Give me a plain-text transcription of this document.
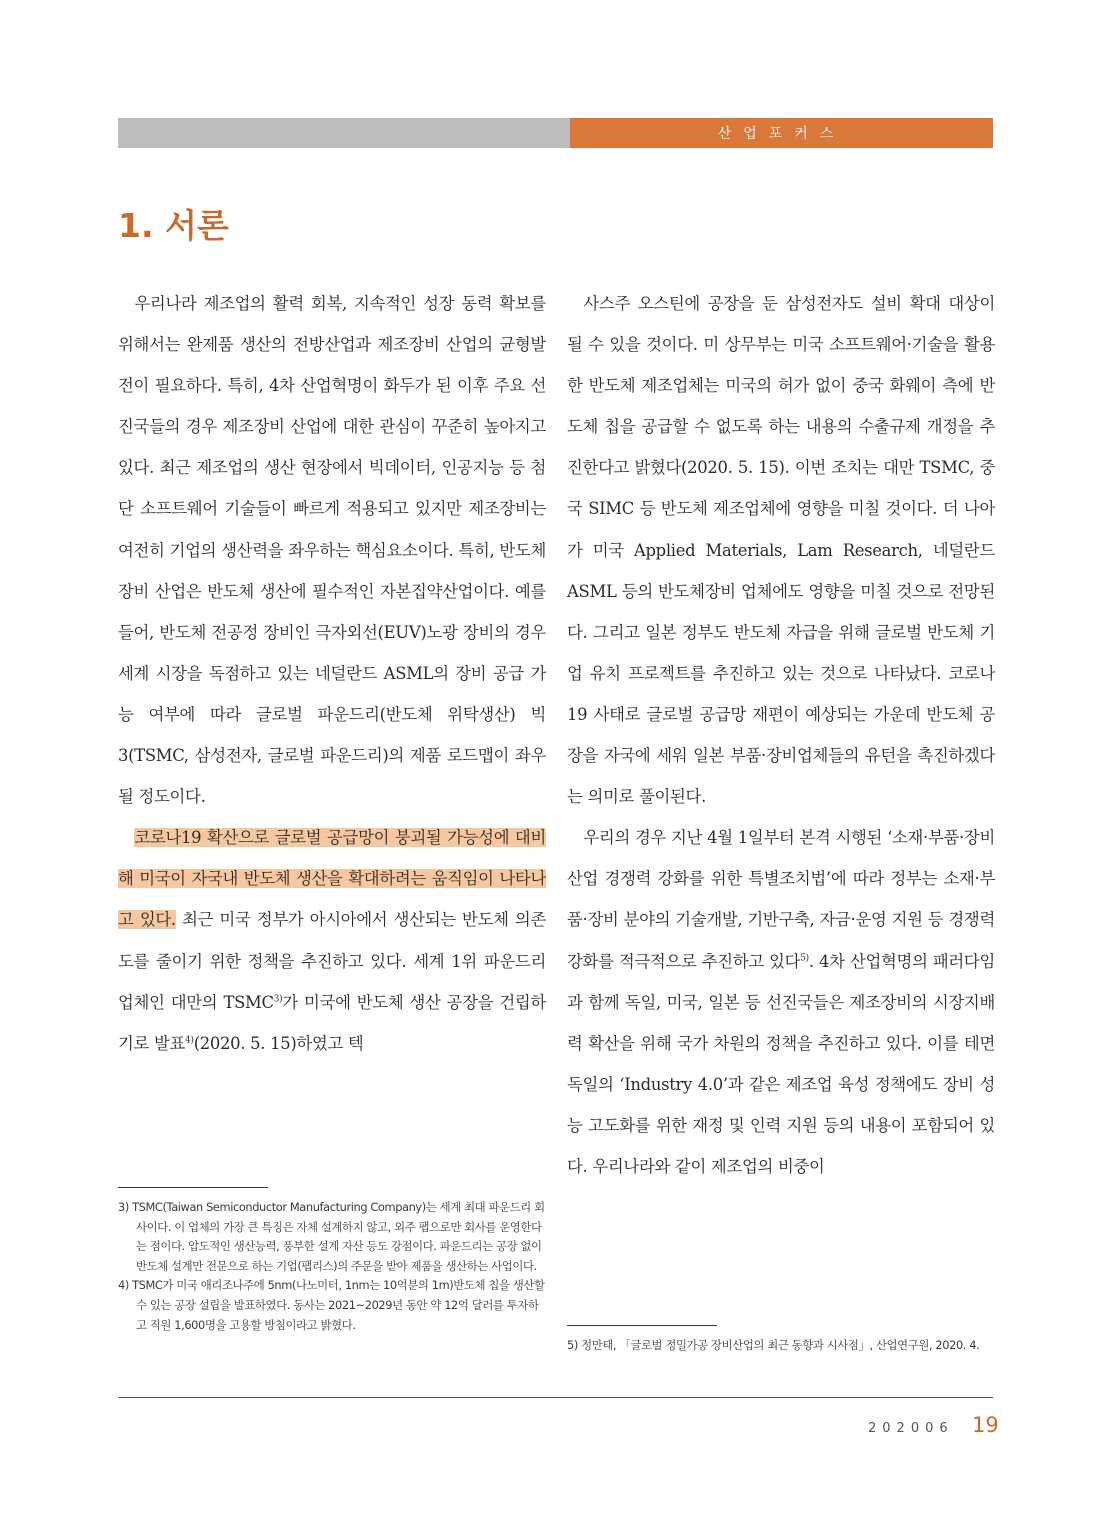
산업포커스
1. 서론

우리나라 제조업의 활력 회복, 지속적인 성장 동력 확보를 위해서는 완제품 생산의 전방산업과 제조장비 산업의 균형발전이 필요하다. 특히, 4차 산업혁명이 화두가 된 이후 주요 선진국들의 경우 제조장비 산업에 대한 관심이 꾸준히 높아지고 있다. 최근 제조업의 생산 현장에서 빅데이터, 인공지능 등 첨단 소프트웨어 기술들이 빠르게 적용되고 있지만 제조장비는 여전히 기업의 생산력을 좌우하는 핵심요소이다. 특히, 반도체장비 산업은 반도체 생산에 필수적인 자본집약산업이다. 예를 들어, 반도체 전공정 장비인 극자외선(EUV)노광 장비의 경우 세계 시장을 독점하고 있는 네덜란드 ASML의 장비 공급 가능 여부에 따라 글로벌 파운드리(반도체 위탁생산) 빅3(TSMC, 삼성전자, 글로벌 파운드리)의 제품 로드맵이 좌우될 정도이다.

코로나19 확산으로 글로벌 공급망이 붕괴될 가능성에 대비해 미국이 자국내 반도체 생산을 확대하려는 움직임이 나타나고 있다. 최근 미국 정부가 아시아에서 생산되는 반도체 의존도를 줄이기 위한 정책을 추진하고 있다. 세계 1위 파운드리 업체인 대만의 TSMC$^{3)}$가 미국에 반도체 생산 공장을 건립하기로 발표$^{4)}$(2020. 5. 15)하였고 텍

사스주 오스틴에 공장을 둔 삼성전자도 설비 확대 대상이 될 수 있을 것이다. 미 상무부는 미국 소프트웨어·기술을 활용한 반도체 제조업체는 미국의 허가 없이 중국 화웨이 측에 반도체 칩을 공급할 수 없도록 하는 내용의 수출규제 개정을 추진한다고 밝혔다(2020. 5. 15). 이번 조치는 대만 TSMC, 중국 SIMC 등 반도체 제조업체에 영향을 미칠 것이다. 더 나아가 미국 Applied Materials, Lam Research, 네덜란드 ASML 등의 반도체장비 업체에도 영향을 미칠 것으로 전망된다. 그리고 일본 정부도 반도체 자급을 위해 글로벌 반도체 기업 유치 프로젝트를 추진하고 있는 것으로 나타났다. 코로나19 사태로 글로벌 공급망 재편이 예상되는 가운데 반도체 공장을 자국에 세워 일본 부품·장비업체들의 유턴을 촉진하겠다는 의미로 풀이된다.

우리의 경우 지난 4월 1일부터 본격 시행된 ‘소재·부품·장비산업 경쟁력 강화를 위한 특별조치법’에 따라 정부는 소재·부품·장비 분야의 기술개발, 기반구축, 자금·운영 지원 등 경쟁력 강화를 적극적으로 추진하고 있다$^{5)}$. 4차 산업혁명의 패러다임과 함께 독일, 미국, 일본 등 선진국들은 제조장비의 시장지배력 확산을 위해 국가 차원의 정책을 추진하고 있다. 이를 테면 독일의 ‘Industry 4.0’과 같은 제조업 육성 정책에도 장비 성능 고도화를 위한 재정 및 인력 지원 등의 내용이 포함되어 있다. 우리나라와 같이 제조업의 비중이

3) TSMC(Taiwan Semiconductor Manufacturing Company)는 세계 최대 파운드리 회사이다. 이 업체의 가장 큰 특징은 자체 설계하지 않고, 외주 팹으로만 회사를 운영한다는 점이다. 압도적인 생산능력, 풍부한 설계 자산 등도 강점이다. 파운드리는 공장 없이 반도체 설계만 전문으로 하는 기업(팹리스)의 주문을 받아 제품을 생산하는 사업이다.

4) TSMC가 미국 애리조나주에 5nm(나노미터, 1nm는 10억분의 1m)반도체 칩을 생산할 수 있는 공장 설립을 발표하였다. 동사는 2021~2029년 동안 약 12억 달러를 투자하고 직원 1,600명을 고용할 방침이라고 밝혔다.

5) 정만태, 「글로벌 정밀가공 장비산업의 최근 동향과 시사점」, 산업연구원, 2020. 4.

202006 19
